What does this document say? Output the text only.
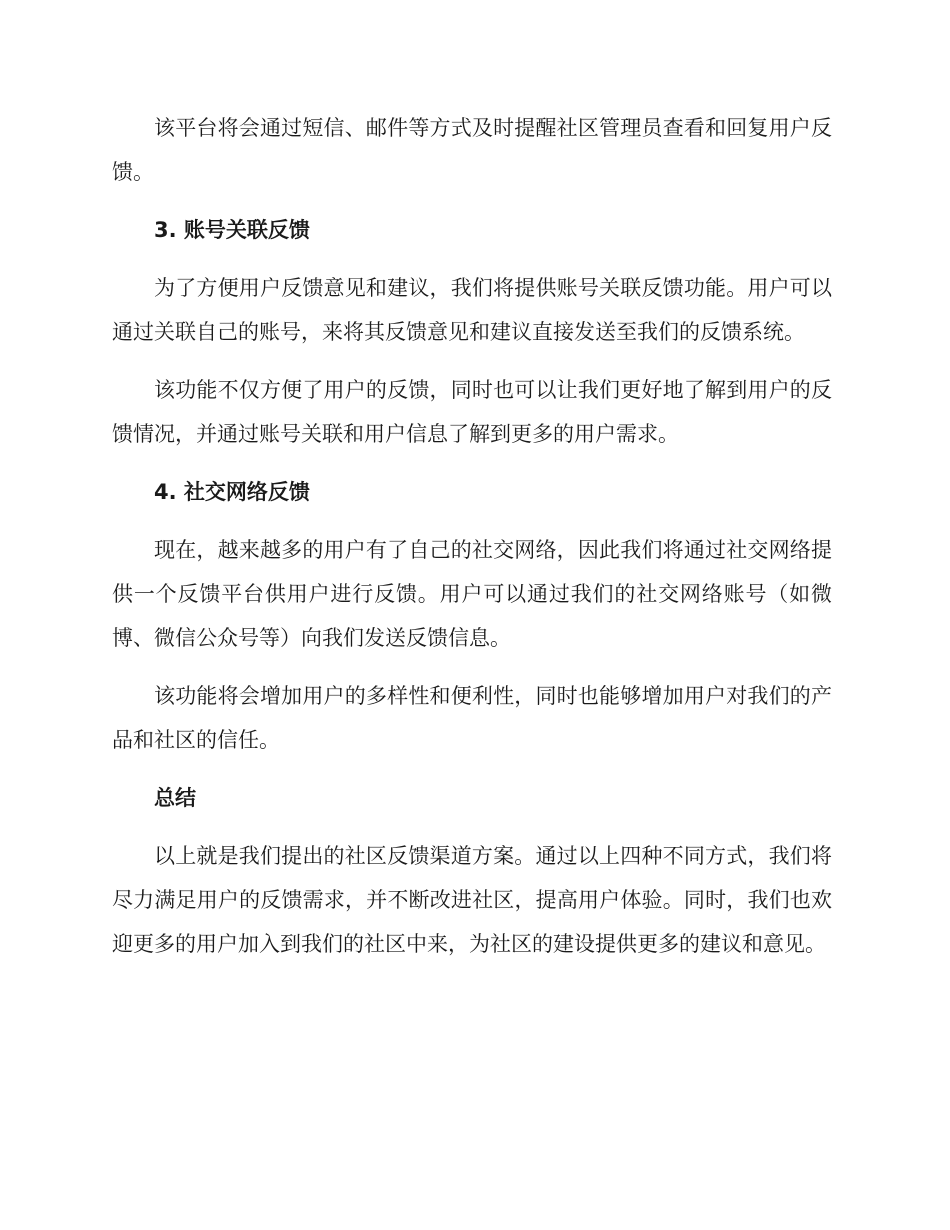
该平台将会通过短信、邮件等方式及时提醒社区管理员查看和回复用户反馈。

3. 账号关联反馈

为了方便用户反馈意见和建议，我们将提供账号关联反馈功能。用户可以通过关联自己的账号，来将其反馈意见和建议直接发送至我们的反馈系统。

该功能不仅方便了用户的反馈，同时也可以让我们更好地了解到用户的反馈情况，并通过账号关联和用户信息了解到更多的用户需求。

4. 社交网络反馈

现在，越来越多的用户有了自己的社交网络，因此我们将通过社交网络提供一个反馈平台供用户进行反馈。用户可以通过我们的社交网络账号（如微博、微信公众号等）向我们发送反馈信息。

该功能将会增加用户的多样性和便利性，同时也能够增加用户对我们的产品和社区的信任。

总结

以上就是我们提出的社区反馈渠道方案。通过以上四种不同方式，我们将尽力满足用户的反馈需求，并不断改进社区，提高用户体验。同时，我们也欢迎更多的用户加入到我们的社区中来，为社区的建设提供更多的建议和意见。
